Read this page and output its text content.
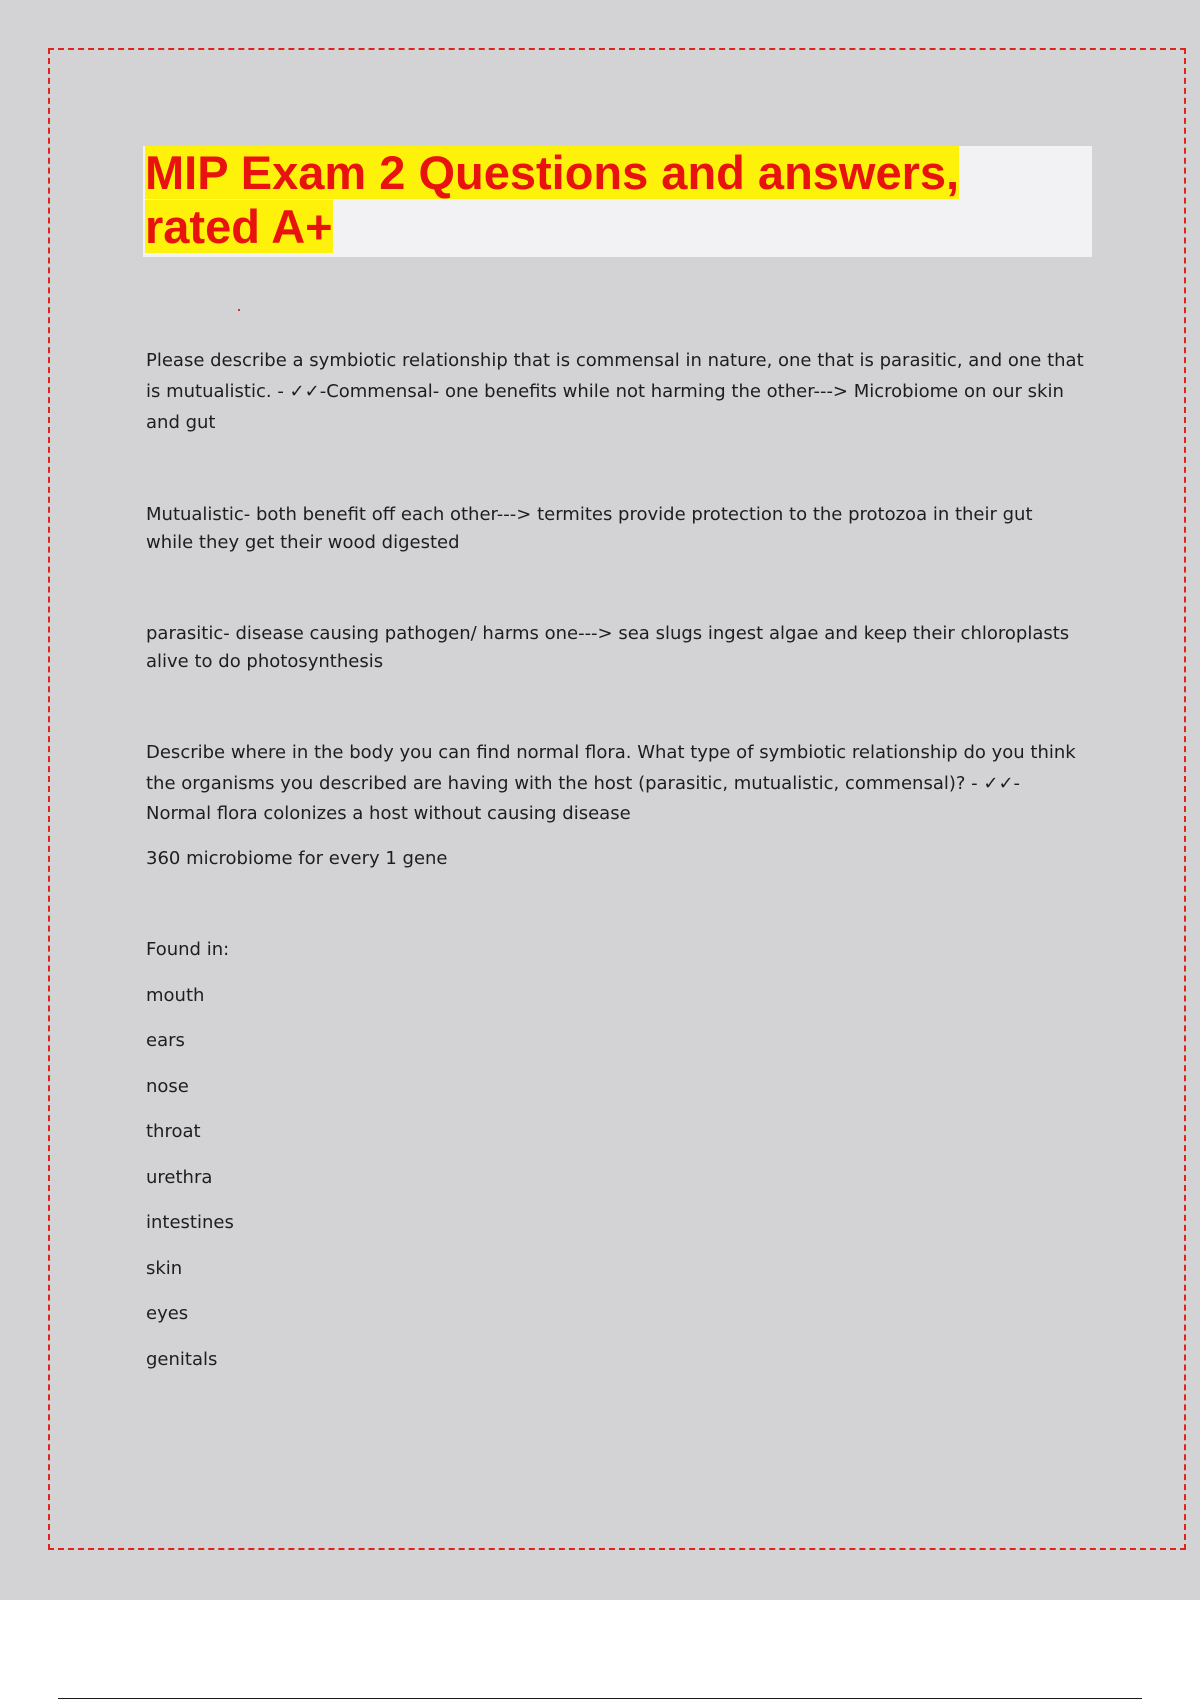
MIP Exam 2 Questions and answers,
rated A+

Please describe a symbiotic relationship that is commensal in nature, one that is parasitic, and one that

is mutualistic. - ✓✓-Commensal- one benefits while not harming the other---> Microbiome on our skin

and gut

Mutualistic- both benefit off each other---> termites provide protection to the protozoa in their gut

while they get their wood digested

parasitic- disease causing pathogen/ harms one---> sea slugs ingest algae and keep their chloroplasts

alive to do photosynthesis

Describe where in the body you can find normal flora. What type of symbiotic relationship do you think

the organisms you described are having with the host (parasitic, mutualistic, commensal)? - ✓✓-

Normal flora colonizes a host without causing disease

360 microbiome for every 1 gene

Found in:

mouth

ears

nose

throat

urethra

intestines

skin

eyes

genitals
